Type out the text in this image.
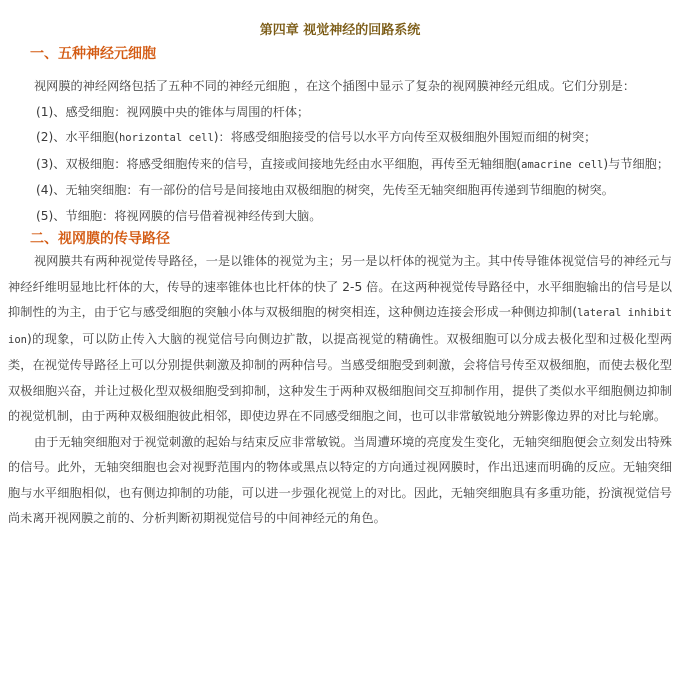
第四章 视觉神经的回路系统
一、五种神经元细胞

视网膜的神经网络包括了五种不同的神经元细胞 ，在这个插图中显示了复杂的视网膜神经元组成。它们分别是：

(1)、感受细胞：视网膜中央的锥体与周围的杆体；

(2)、水平细胞(horizontal cell)：将感受细胞接受的信号以水平方向传至双极细胞外围短而细的树突；

(3)、双极细胞：将感受细胞传来的信号，直接或间接地先经由水平细胞，再传至无轴细胞(amacrine cell)与节细胞；

(4)、无轴突细胞：有一部份的信号是间接地由双极细胞的树突，先传至无轴突细胞再传递到节细胞的树突。

(5)、节细胞：将视网膜的信号借着视神经传到大脑。

二、视网膜的传导路径

视网膜共有两种视觉传导路径，一是以锥体的视觉为主；另一是以杆体的视觉为主。其中传导锥体视觉信号的神经元与神经纤维明显地比杆体的大，传导的速率锥体也比杆体的快了 2-5 倍。在这两种视觉传导路径中，水平细胞输出的信号是以抑制性的为主，由于它与感受细胞的突触小体与双极细胞的树突相连，这种侧边连接会形成一种侧边抑制(lateral inhibition)的现象，可以防止传入大脑的视觉信号向侧边扩散，以提高视觉的精确性。双极细胞可以分成去极化型和过极化型两类，在视觉传导路径上可以分别提供刺激及抑制的两种信号。当感受细胞受到刺激，会将信号传至双极细胞，而使去极化型双极细胞兴奋，并让过极化型双极细胞受到抑制，这种发生于两种双极细胞间交互抑制作用，提供了类似水平细胞侧边抑制的视觉机制，由于两种双极细胞彼此相邻，即使边界在不同感受细胞之间，也可以非常敏锐地分辨影像边界的对比与轮廓。

由于无轴突细胞对于视觉刺激的起始与结束反应非常敏锐。当周遭环境的亮度发生变化，无轴突细胞便会立刻发出特殊的信号。此外，无轴突细胞也会对视野范围内的物体或黑点以特定的方向通过视网膜时，作出迅速而明确的反应。无轴突细胞与水平细胞相似，也有侧边抑制的功能，可以进一步强化视觉上的对比。因此，无轴突细胞具有多重功能，扮演视觉信号尚未离开视网膜之前的、分析判断初期视觉信号的中间神经元的角色。
